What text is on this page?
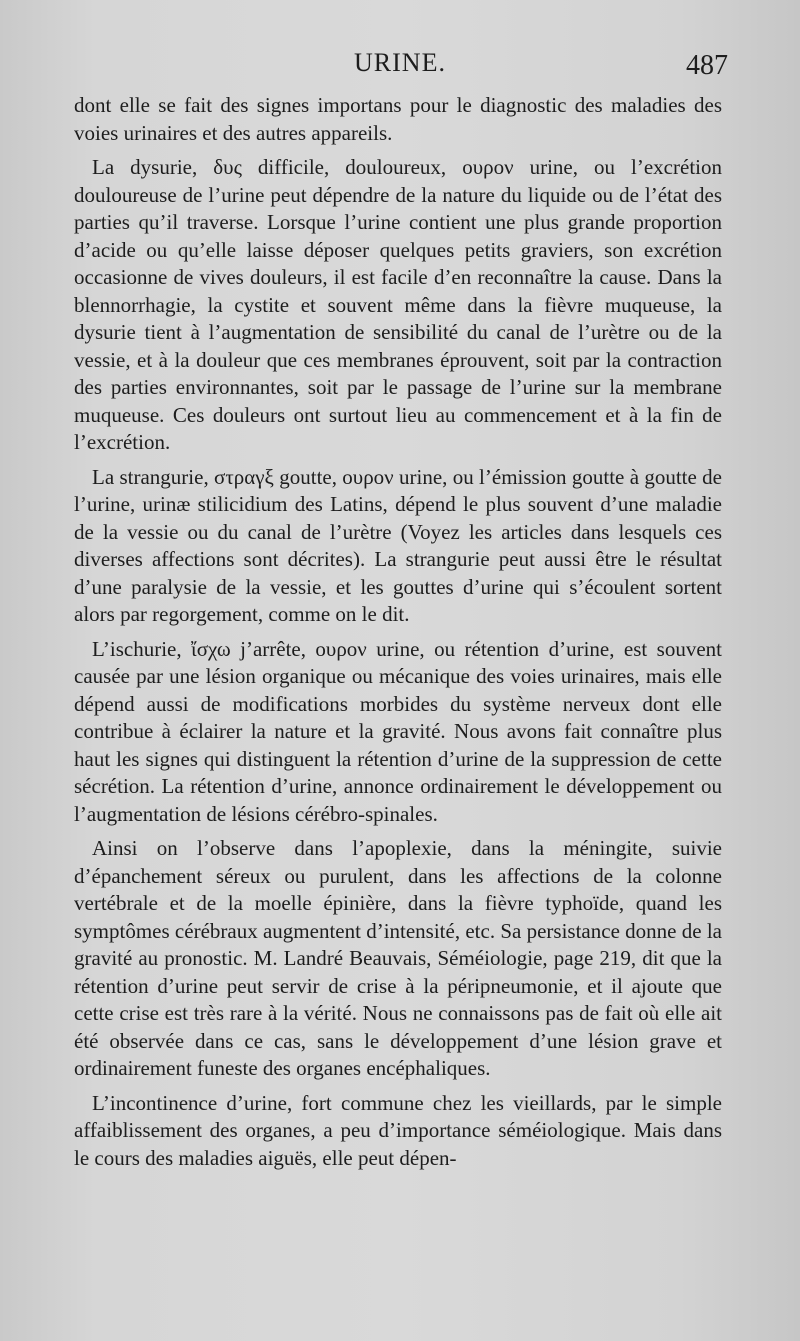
URINE.	487

dont elle se fait des signes importans pour le diagnostic des maladies des voies urinaires et des autres appareils.

La dysurie, δυς difficile, douloureux, ουρον urine, ou l’excrétion douloureuse de l’urine peut dépendre de la nature du liquide ou de l’état des parties qu’il traverse. Lorsque l’urine contient une plus grande proportion d’acide ou qu’elle laisse déposer quelques petits graviers, son excrétion occasionne de vives douleurs, il est facile d’en reconnaître la cause. Dans la blennorrhagie, la cystite et souvent même dans la fièvre muqueuse, la dysurie tient à l’augmentation de sensibilité du canal de l’urètre ou de la vessie, et à la douleur que ces membranes éprouvent, soit par la contraction des parties environnantes, soit par le passage de l’urine sur la membrane muqueuse. Ces douleurs ont surtout lieu au commencement et à la fin de l’excrétion.

La strangurie, στραγξ goutte, ουρον urine, ou l’émission goutte à goutte de l’urine, urinæ stilicidium des Latins, dépend le plus souvent d’une maladie de la vessie ou du canal de l’urètre (Voyez les articles dans lesquels ces diverses affections sont décrites). La strangurie peut aussi être le résultat d’une paralysie de la vessie, et les gouttes d’urine qui s’écoulent sortent alors par regorgement, comme on le dit.

L’ischurie, ἴσχω j’arrête, ουρον urine, ou rétention d’urine, est souvent causée par une lésion organique ou mécanique des voies urinaires, mais elle dépend aussi de modifications morbides du système nerveux dont elle contribue à éclairer la nature et la gravité. Nous avons fait connaître plus haut les signes qui distinguent la rétention d’urine de la suppression de cette sécrétion. La rétention d’urine, annonce ordinairement le développement ou l’augmentation de lésions cérébro-spinales.

Ainsi on l’observe dans l’apoplexie, dans la méningite, suivie d’épanchement séreux ou purulent, dans les affections de la colonne vertébrale et de la moelle épinière, dans la fièvre typhoïde, quand les symptômes cérébraux augmentent d’intensité, etc. Sa persistance donne de la gravité au pronostic. M. Landré Beauvais, Séméiologie, page 219, dit que la rétention d’urine peut servir de crise à la péripneumonie, et il ajoute que cette crise est très rare à la vérité. Nous ne connaissons pas de fait où elle ait été observée dans ce cas, sans le développement d’une lésion grave et ordinairement funeste des organes encéphaliques.

L’incontinence d’urine, fort commune chez les vieillards, par le simple affaiblissement des organes, a peu d’importance séméiologique. Mais dans le cours des maladies aiguës, elle peut dépen-
